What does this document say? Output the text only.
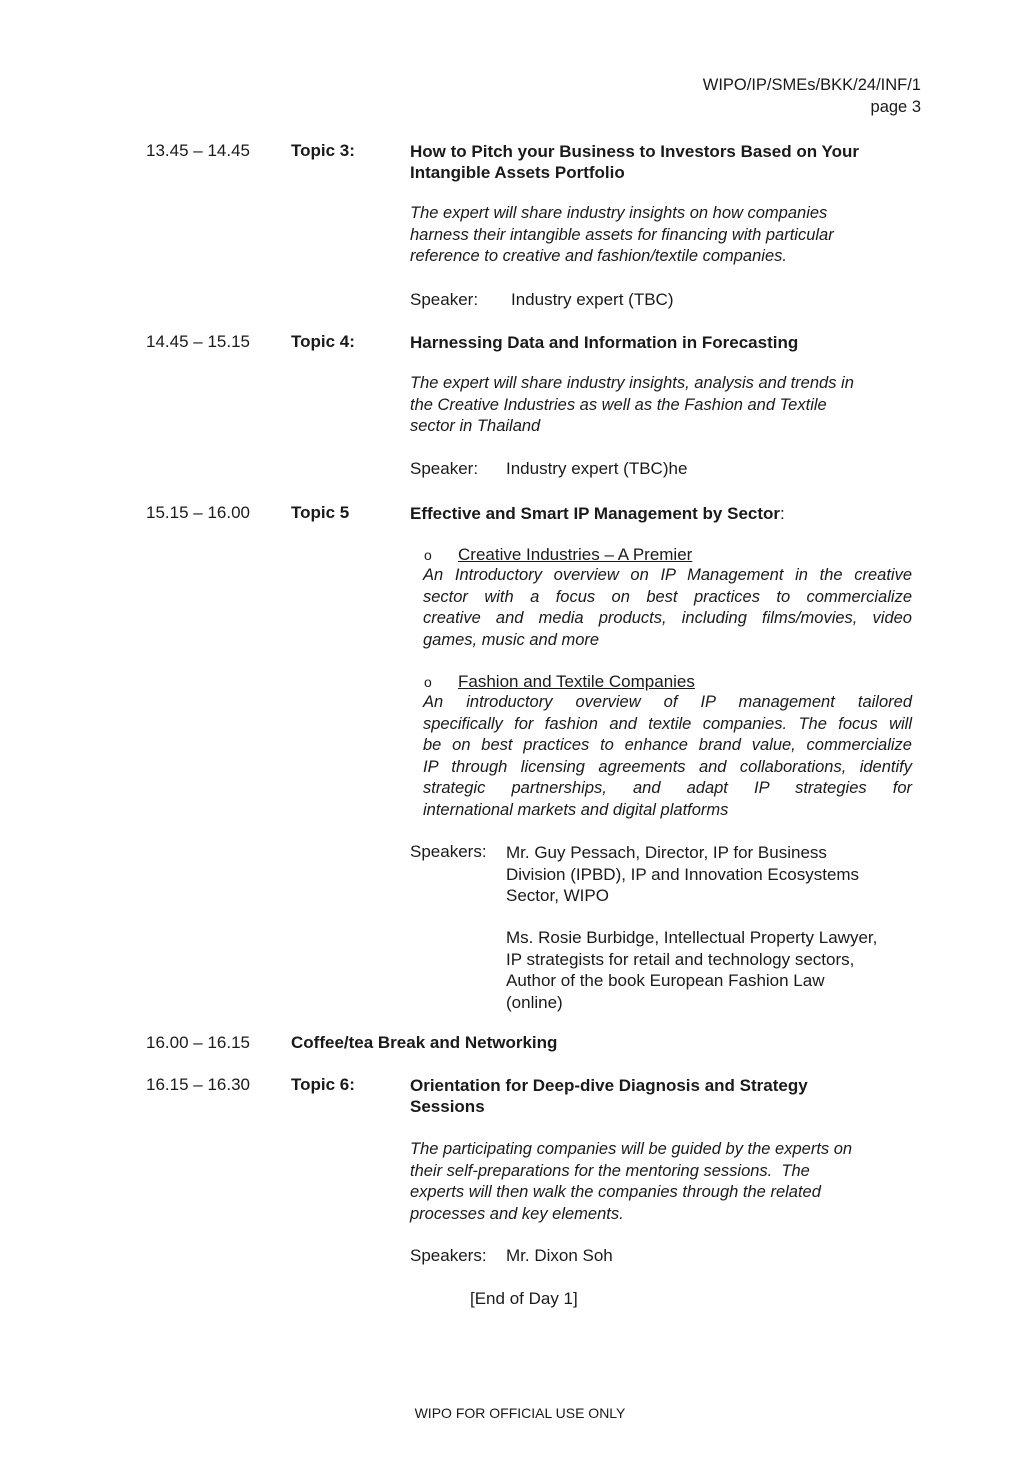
WIPO/IP/SMEs/BKK/24/INF/1
page 3
13.45 – 14.45 Topic 3:	How to Pitch your Business to Investors Based on Your
Intangible Assets Portfolio
The expert will share industry insights on how companies
harness their intangible assets for financing with particular
reference to creative and fashion/textile companies.
Speaker: Industry expert (TBC)
14.45 – 15.15 Topic 4:	Harnessing Data and Information in Forecasting
The expert will share industry insights, analysis and trends in
the Creative Industries as well as the Fashion and Textile
sector in Thailand
Speaker: Industry expert (TBC)he
15.15 – 16.00 Topic 5	Effective and Smart IP Management by Sector:
o Creative Industries – A Premier
An Introductory overview on IP Management in the creative
sector with a focus on best practices to commercialize
creative and media products, including films/movies, video
games, music and more
o Fashion and Textile Companies
An introductory overview of IP management tailored
specifically for fashion and textile companies. The focus will
be on best practices to enhance brand value, commercialize
IP through licensing agreements and collaborations, identify
strategic partnerships, and adapt IP strategies for
international markets and digital platforms
Speakers: Mr. Guy Pessach, Director, IP for Business
Division (IPBD), IP and Innovation Ecosystems
Sector, WIPO
Ms. Rosie Burbidge, Intellectual Property Lawyer,
IP strategists for retail and technology sectors,
Author of the book European Fashion Law
(online)
16.00 – 16.15 Coffee/tea Break and Networking
16.15 – 16.30 Topic 6:	Orientation for Deep-dive Diagnosis and Strategy
Sessions
The participating companies will be guided by the experts on
their self-preparations for the mentoring sessions.  The
experts will then walk the companies through the related
processes and key elements.
Speakers: Mr. Dixon Soh
[End of Day 1]
WIPO FOR OFFICIAL USE ONLY
